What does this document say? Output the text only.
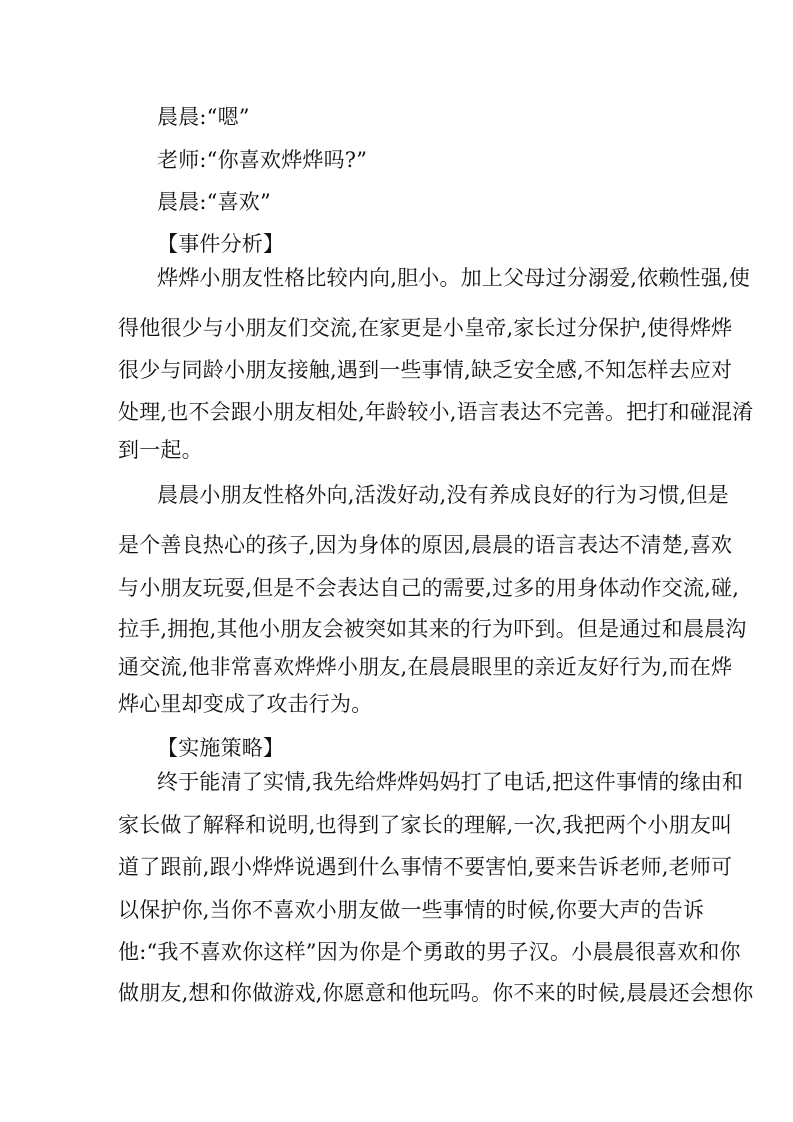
晨晨:“嗯”
老师:“你喜欢烨烨吗?”
晨晨:“喜欢”
【事件分析】
烨烨小朋友性格比较内向,胆小。加上父母过分溺爱,依赖性强,使
得他很少与小朋友们交流,在家更是小皇帝,家长过分保护,使得烨烨
很少与同龄小朋友接触,遇到一些事情,缺乏安全感,不知怎样去应对
处理,也不会跟小朋友相处,年龄较小,语言表达不完善。把打和碰混淆
到一起。
晨晨小朋友性格外向,活泼好动,没有养成良好的行为习惯,但是
是个善良热心的孩子,因为身体的原因,晨晨的语言表达不清楚,喜欢
与小朋友玩耍,但是不会表达自己的需要,过多的用身体动作交流,碰,
拉手,拥抱,其他小朋友会被突如其来的行为吓到。但是通过和晨晨沟
通交流,他非常喜欢烨烨小朋友,在晨晨眼里的亲近友好行为,而在烨
烨心里却变成了攻击行为。
【实施策略】
终于能清了实情,我先给烨烨妈妈打了电话,把这件事情的缘由和
家长做了解释和说明,也得到了家长的理解,一次,我把两个小朋友叫
道了跟前,跟小烨烨说遇到什么事情不要害怕,要来告诉老师,老师可
以保护你,当你不喜欢小朋友做一些事情的时候,你要大声的告诉
他:“我不喜欢你这样”因为你是个勇敢的男子汉。小晨晨很喜欢和你
做朋友,想和你做游戏,你愿意和他玩吗。你不来的时候,晨晨还会想你
